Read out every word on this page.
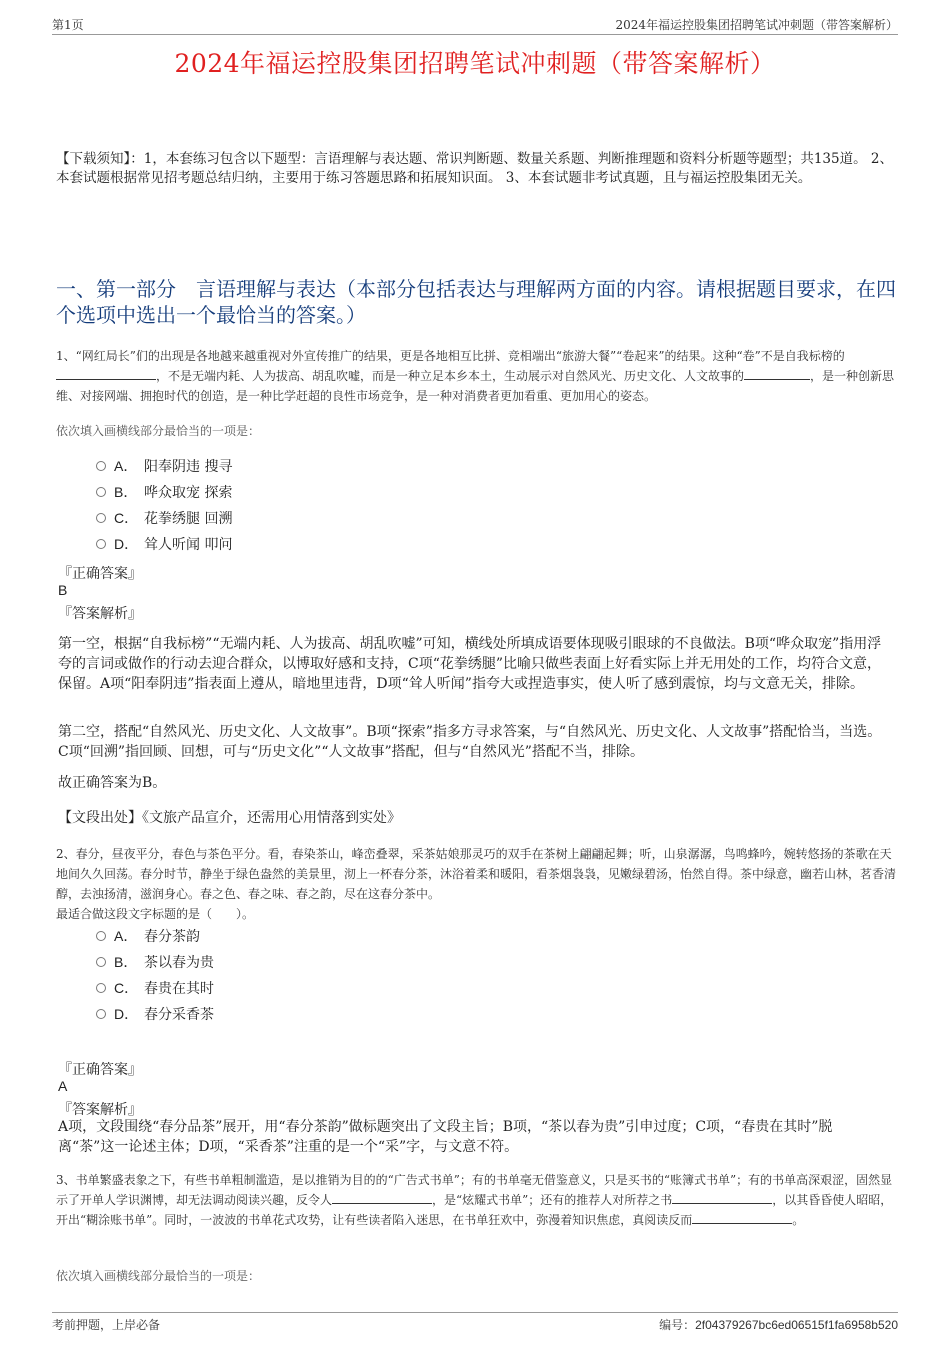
第1页	2024年福运控股集团招聘笔试冲刺题（带答案解析）
2024年福运控股集团招聘笔试冲刺题（带答案解析）
【下载须知】：1，本套练习包含以下题型：言语理解与表达题、常识判断题、数量关系题、判断推理题和资料分析题等题型；共135道。 2、本套试题根据常见招考题总结归纳，主要用于练习答题思路和拓展知识面。 3、本套试题非考试真题，且与福运控股集团无关。
一、第一部分 言语理解与表达（本部分包括表达与理解两方面的内容。请根据题目要求，在四个选项中选出一个最恰当的答案。）
1、“网红局长”们的出现是各地越来越重视对外宣传推广的结果，更是各地相互比拼、竞相端出“旅游大餐”“卷起来”的结果。这种“卷”不是自我标榜的，不是无端内耗、人为拔高、胡乱吹嘘，而是一种立足本乡本土，生动展示对自然风光、历史文化、人文故事的	，是一种创新思维、对接网端、拥抱时代的创造，是一种比学赶超的良性市场竞争，是一种对消费者更加看重、更加用心的姿态。
依次填入画横线部分最恰当的一项是：
A． 阳奉阴违 搜寻
B． 哗众取宠 探索
C． 花拳绣腿 回溯
D． 耸人听闻 叩问
『正确答案』
B
『答案解析』
第一空，根据“自我标榜”“无端内耗、人为拔高、胡乱吹嘘”可知，横线处所填成语要体现吸引眼球的不良做法。B项“哗众取宠”指用浮夸的言词或做作的行动去迎合群众，以博取好感和支持，C项“花拳绣腿”比喻只做些表面上好看实际上并无用处的工作，均符合文意，保留。A项“阳奉阴违”指表面上遵从，暗地里违背，D项“耸人听闻”指夸大或捏造事实，使人听了感到震惊，均与文意无关，排除。
第二空，搭配“自然风光、历史文化、人文故事”。B项“探索”指多方寻求答案，与“自然风光、历史文化、人文故事”搭配恰当，当选。C项“回溯”指回顾、回想，可与“历史文化”“人文故事”搭配，但与“自然风光”搭配不当，排除。
故正确答案为B。
【文段出处】《文旅产品宣介，还需用心用情落到实处》
2、春分，昼夜平分，春色与茶色平分。看，春染茶山，峰峦叠翠，采茶姑娘那灵巧的双手在茶树上翩翩起舞；听，山泉潺潺，鸟鸣蜂吟，婉转悠扬的茶歌在天地间久久回荡。春分时节，静坐于绿色盎然的美景里，沏上一杯春分茶，沐浴着柔和暖阳，看茶烟袅袅，见嫩绿碧汤，怡然自得。茶中绿意，幽若山林，茗香清醇，去浊扬清，滋润身心。春之色、春之味、春之韵，尽在这春分茶中。
最适合做这段文字标题的是（　　）。
A． 春分茶韵
B． 茶以春为贵
C． 春贵在其时
D． 春分采香茶
『正确答案』
A
『答案解析』
A项，文段围绕“春分品茶”展开，用“春分茶韵”做标题突出了文段主旨；B项，“茶以春为贵”引申过度；C项，“春贵在其时”脱离“茶”这一论述主体；D项，“采香茶”注重的是一个“采”字，与文意不符。
3、书单繁盛表象之下，有些书单粗制滥造，是以推销为目的的“广告式书单”；有的书单毫无借鉴意义，只是买书的“账簿式书单”；有的书单高深艰涩，固然显示了开单人学识渊博，却无法调动阅读兴趣，反令人	，是“炫耀式书单”；还有的推荐人对所荐之书	，以其昏昏使人昭昭，开出“糊涂账书单”。同时，一波波的书单花式攻势，让有些读者陷入迷思，在书单狂欢中，弥漫着知识焦虑，真阅读反而	。
依次填入画横线部分最恰当的一项是：
考前押题，上岸必备	编号：2f04379267bc6ed06515f1fa6958b520
